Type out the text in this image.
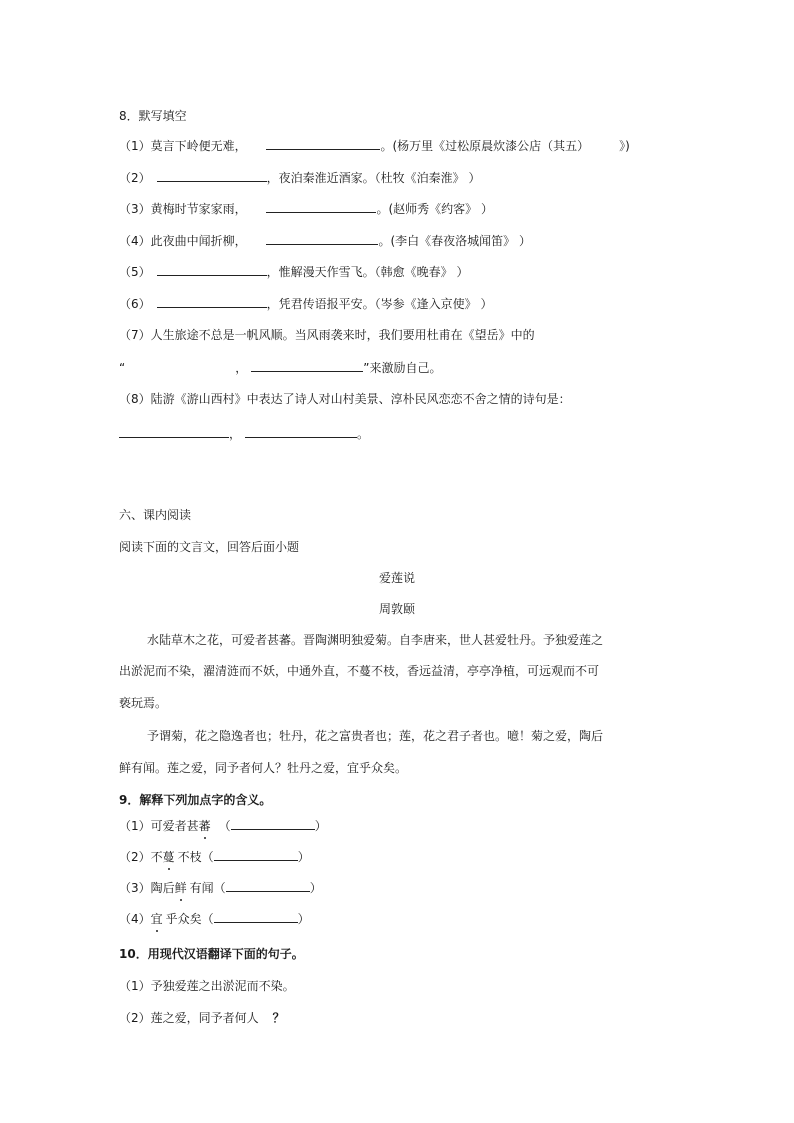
8．默写填空
（1）莫言下岭便无难，	。(杨万里《过松原晨炊漆公店（其五）	》)
（2）	，夜泊秦淮近酒家。（杜牧《泊秦淮》 ）
（3）黄梅时节家家雨，	。(赵师秀《约客》 ）
（4）此夜曲中闻折柳，	。(李白《春夜洛城闻笛》 ）
（5）	，惟解漫天作雪飞。（韩愈《晚春》 ）
（6）	，凭君传语报平安。（岑参《逢入京使》 ）
（7）人生旅途不总是一帆风顺。当风雨袭来时，我们要用杜甫在《望岳》中的
“	，	”来激励自己。
（8）陆游《游山西村》中表达了诗人对山村美景、淳朴民风恋恋不舍之情的诗句是：
，	。
六、课内阅读
阅读下面的文言文，回答后面小题
爱莲说
周敦颐
水陆草木之花，可爱者甚蕃。晋陶渊明独爱菊。自李唐来，世人甚爱牡丹。予独爱莲之
出淤泥而不染，濯清涟而不妖，中通外直，不蔓不枝，香远益清，亭亭净植，可远观而不可
亵玩焉。
予谓菊，花之隐逸者也；牡丹，花之富贵者也；莲，花之君子者也。噫！菊之爱，陶后
鲜有闻。莲之爱，同予者何人？牡丹之爱，宜乎众矣。
9．解释下列加点字的含义。
（1）可爱者甚蕃 （	）
（2）不蔓 不枝（	）
（3）陶后鲜 有闻（	）
（4）宜 乎众矣（	）
10．用现代汉语翻译下面的句子。
（1）予独爱莲之出淤泥而不染。
（2）莲之爱，同予者何人 ？
